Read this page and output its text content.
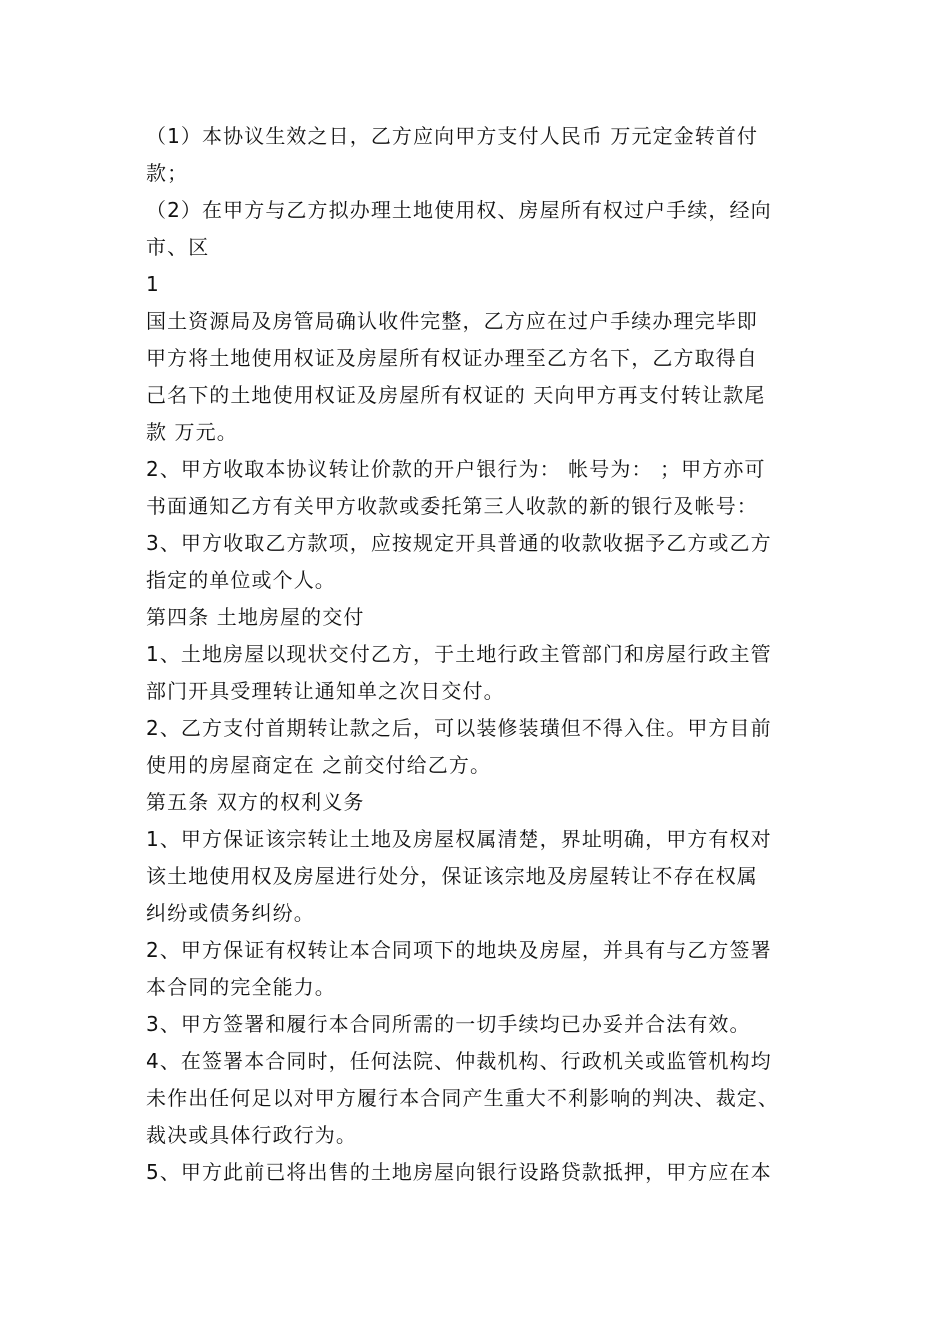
（1）本协议生效之日，乙方应向甲方支付人民币 万元定金转首付
款；
（2）在甲方与乙方拟办理土地使用权、房屋所有权过户手续，经向
市、区
1
国土资源局及房管局确认收件完整，乙方应在过户手续办理完毕即
甲方将土地使用权证及房屋所有权证办理至乙方名下，乙方取得自
己名下的土地使用权证及房屋所有权证的 天向甲方再支付转让款尾
款 万元。
2、甲方收取本协议转让价款的开户银行为： 帐号为： ；甲方亦可
书面通知乙方有关甲方收款或委托第三人收款的新的银行及帐号：
3、甲方收取乙方款项，应按规定开具普通的收款收据予乙方或乙方
指定的单位或个人。
第四条 土地房屋的交付
1、土地房屋以现状交付乙方，于土地行政主管部门和房屋行政主管
部门开具受理转让通知单之次日交付。
2、乙方支付首期转让款之后，可以装修装璜但不得入住。甲方目前
使用的房屋商定在 之前交付给乙方。
第五条 双方的权利义务
1、甲方保证该宗转让土地及房屋权属清楚，界址明确，甲方有权对
该土地使用权及房屋进行处分，保证该宗地及房屋转让不存在权属
纠纷或债务纠纷。
2、甲方保证有权转让本合同项下的地块及房屋，并具有与乙方签署
本合同的完全能力。
3、甲方签署和履行本合同所需的一切手续均已办妥并合法有效。
4、在签署本合同时，任何法院、仲裁机构、行政机关或监管机构均
未作出任何足以对甲方履行本合同产生重大不利影响的判决、裁定、
裁决或具体行政行为。
5、甲方此前已将出售的土地房屋向银行设路贷款抵押，甲方应在本
